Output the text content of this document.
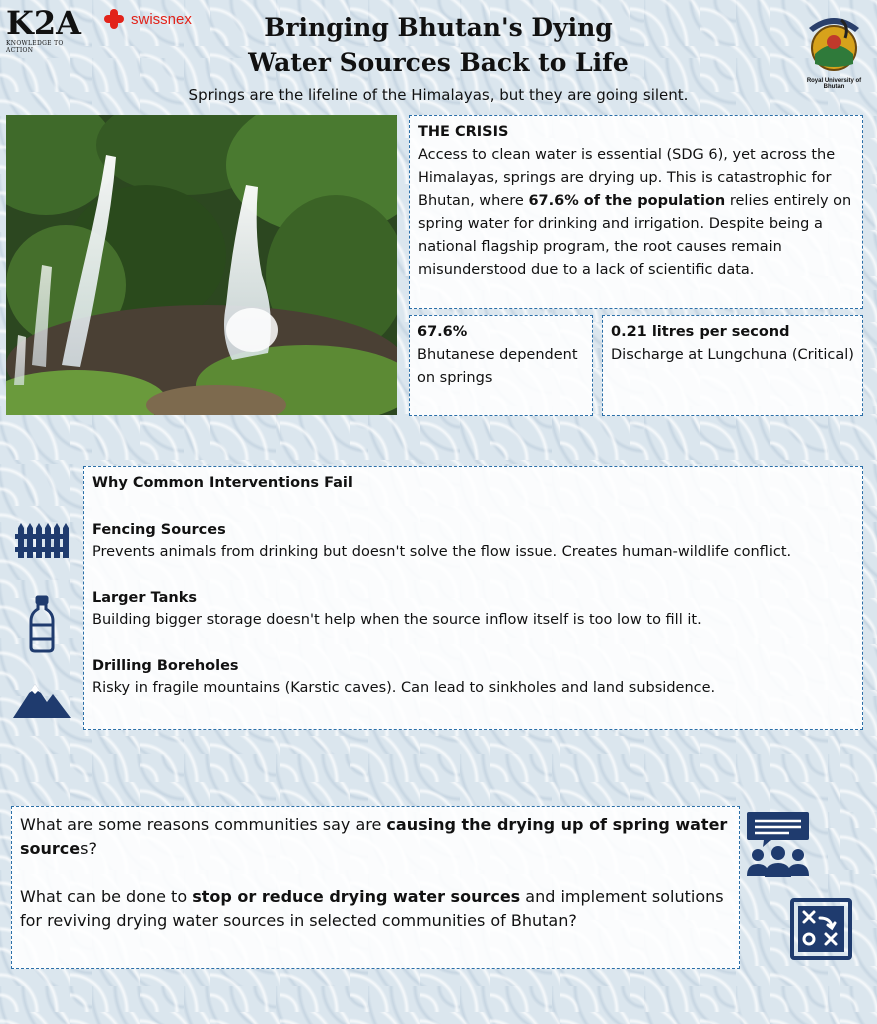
K2A
KNOWLEDGE TO ACTION
swissnex	Bringing Bhutan's Dying
Water Sources Back to Life
Royal University of Bhutan
Springs are the lifeline of the Himalayas, but they are going silent.
THE CRISIS
Access to clean water is essential (SDG 6), yet across the Himalayas, springs are drying up. This is catastrophic for Bhutan, where 67.6% of the population relies entirely on spring water for drinking and irrigation. Despite being a national flagship program, the root causes remain misunderstood due to a lack of scientific data.
67.6%
Bhutanese dependent on springs
0.21 litres per second
Discharge at Lungchuna (Critical)
Why Common Interventions Fail
Fencing Sources
Prevents animals from drinking but doesn't solve the flow issue. Creates human-wildlife conflict.
Larger Tanks
Building bigger storage doesn't help when the source inflow itself is too low to fill it.
Drilling Boreholes
Risky in fragile mountains (Karstic caves). Can lead to sinkholes and land subsidence.
What are some reasons communities say are causing the drying up of spring water sources?
What can be done to stop or reduce drying water sources and implement solutions for reviving drying water sources in selected communities of Bhutan?
